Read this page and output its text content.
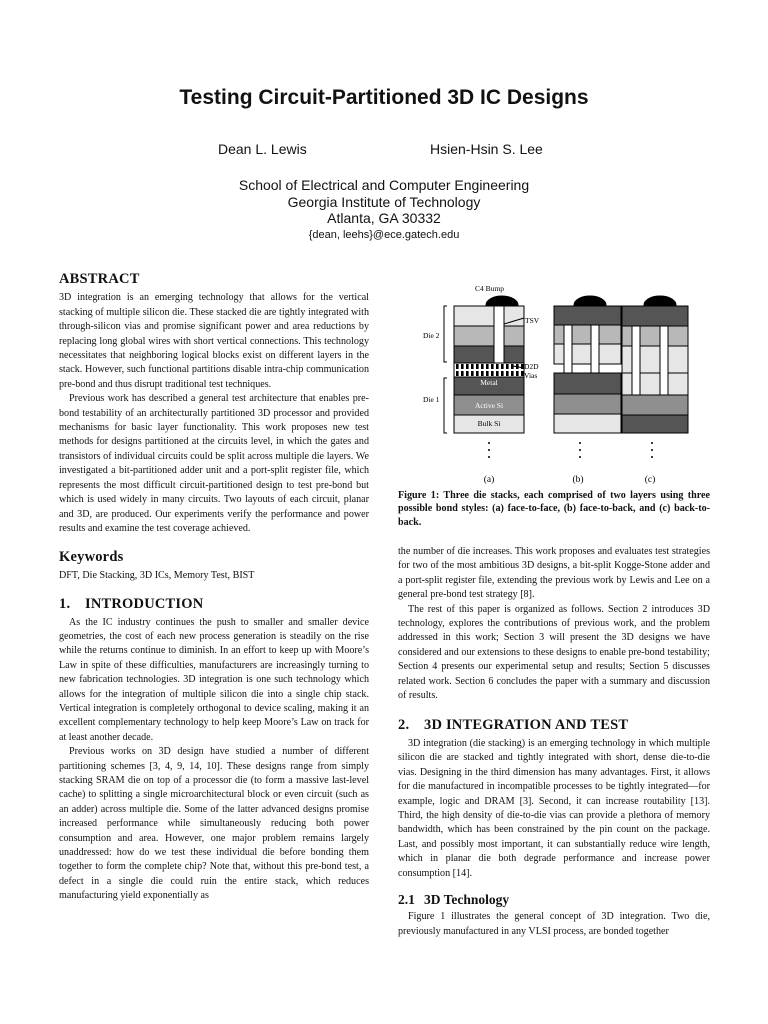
Testing Circuit-Partitioned 3D IC Designs
Dean L. Lewis	Hsien-Hsin S. Lee
School of Electrical and Computer Engineering
Georgia Institute of Technology
Atlanta, GA 30332
{dean, leehs}@ece.gatech.edu
ABSTRACT

3D integration is an emerging technology that allows for the vertical stacking of multiple silicon die. These stacked die are tightly integrated with through-silicon vias and promise significant power and area reductions by replacing long global wires with short vertical connections. This technology necessitates that neighboring logical blocks exist on different layers in the stack. However, such functional partitions disable intra-chip communication pre-bond and thus disrupt traditional test techniques.

Previous work has described a general test architecture that enables pre-bond testability of an architecturally partitioned 3D processor and provided mechanisms for basic layer functionality. This work proposes new test methods for designs partitioned at the circuits level, in which the gates and transistors of individual circuits could be split across multiple die layers. We investigated a bit-partitioned adder unit and a port-split register file, which represents the most difficult circuit-partitioned design to test pre-bond but which is used widely in many circuits. Two layouts of each circuit, planar and 3D, are produced. Our experiments verify the performance and power results and examine the test coverage achieved.

Keywords

DFT, Die Stacking, 3D ICs, Memory Test, BIST

1. INTRODUCTION

As the IC industry continues the push to smaller and smaller device geometries, the cost of each new process generation is steadily on the rise while the returns continue to diminish. In an effort to keep up with Moore’s Law in spite of these difficulties, manufacturers are increasingly turning to new fabrication technologies. 3D integration is one such technology which allows for the integration of multiple silicon die into a single chip stack. Vertical integration is completely orthogonal to device scaling, making it an excellent complementary technology to help keep Moore’s Law on track for at least another decade.

Previous works on 3D design have studied a number of different partitioning schemes [3, 4, 9, 14, 10]. These designs range from simply stacking SRAM die on top of a processor die (to form a massive last-level cache) to splitting a single microarchitectural block or even circuit (such as an adder) across multiple die. Some of the latter advanced designs promise increased performance while simultaneously reducing both power consumption and area. However, one major problem remains largely unaddressed: how do we test these individual die before bonding them together to form the complete chip? Note that, without this pre-bond test, a defect in a single die could ruin the entire stack, which reduces manufacturing yield exponentially as

C4 Bump
TSV
Die 2
Die 1
D2D
Vias
Metal
Active Si
Bulk Si
(a)	(b)	(c)
Figure 1: Three die stacks, each comprised of two layers using three possible bond styles: (a) face-to-face, (b) face-to-back, and (c) back-to-back.

the number of die increases. This work proposes and evaluates test strategies for two of the most ambitious 3D designs, a bit-split Kogge-Stone adder and a port-split register file, extending the previous work by Lewis and Lee on a general pre-bond test strategy [8].

The rest of this paper is organized as follows. Section 2 introduces 3D technology, explores the contributions of previous work, and the problem addressed in this work; Section 3 will present the 3D designs we have considered and our extensions to these designs to enable pre-bond testability; Section 4 presents our experimental setup and results; Section 5 discusses related work. Section 6 concludes the paper with a summary and discussion of results.

2. 3D INTEGRATION AND TEST

3D integration (die stacking) is an emerging technology in which multiple silicon die are stacked and tightly integrated with short, dense die-to-die vias. Designing in the third dimension has many advantages. First, it allows for die manufactured in incompatible processes to be tightly integrated—for example, logic and DRAM [3]. Second, it can increase routability [13]. Third, the high density of die-to-die vias can provide a plethora of memory bandwidth, which has been constrained by the pin count on the package. Last, and possibly most important, it can substantially reduce wire length, which in planar die both degrade performance and increase power consumption [14].

2.1 3D Technology

Figure 1 illustrates the general concept of 3D integration. Two die, previously manufactured in any VLSI process, are bonded together
